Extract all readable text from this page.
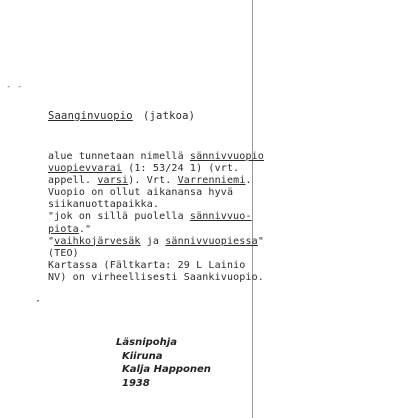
- -
Saanginvuopio (jatkoa)
alue tunnetaan nimellä sännivvuopio
vuopievvarai (1: 53/24 1) (vrt.
appell. varsi). Vrt. Varrenniemi.
Vuopio on ollut aikanansa hyvä
siikanuottapaikka.
"jok on sillä puolella sännivvuo-
piota."
"vaihkojärvesäk ja sännivvuopiessa"
(TEO)
Kartassa (Fältkarta: 29 L Lainio
NV) on virheellisesti Saankivuopio.
·
Läsnipohja
Kiiruna
Kalja Happonen
1938
